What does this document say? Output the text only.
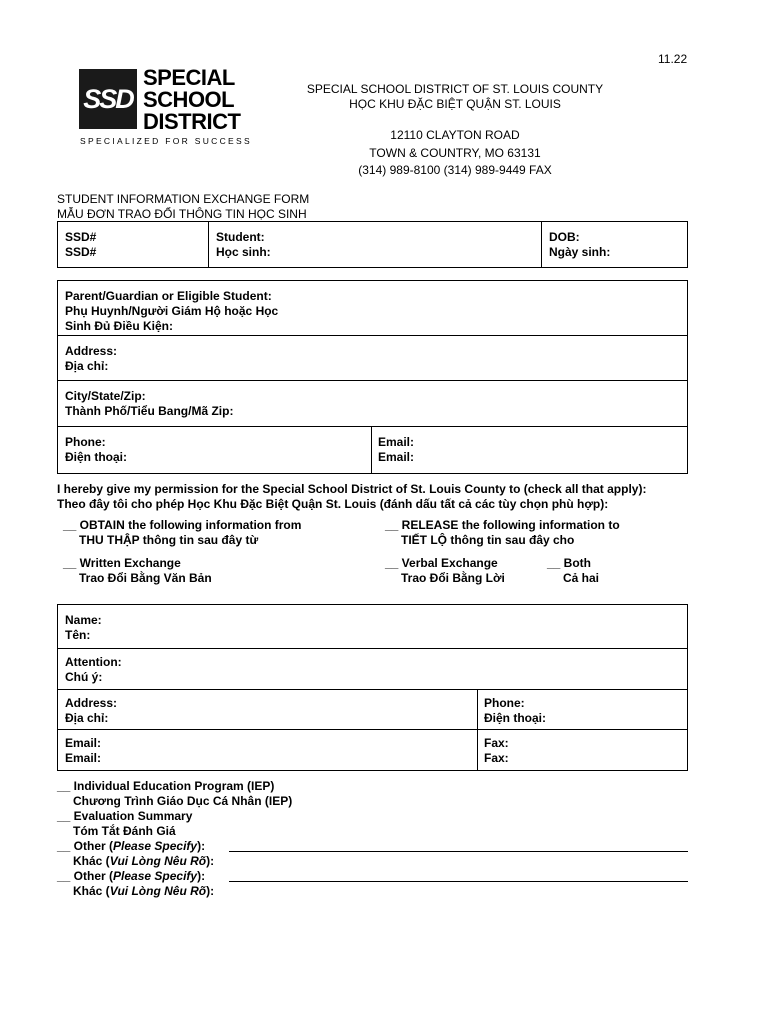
11.22
SSD
SPECIAL
SCHOOL
DISTRICT
SPECIALIZED FOR SUCCESS
SPECIAL SCHOOL DISTRICT OF ST. LOUIS COUNTY
HỌC KHU ĐẶC BIỆT QUẬN ST. LOUIS
12110 CLAYTON ROAD
TOWN & COUNTRY, MO 63131
(314) 989-8100 (314) 989-9449 FAX
STUDENT INFORMATION EXCHANGE FORM
MẪU ĐƠN TRAO ĐỔI THÔNG TIN HỌC SINH
SSD#
SSD#
Student:
Học sinh:
DOB:
Ngày sinh:
Parent/Guardian or Eligible Student:
Phụ Huynh/Người Giám Hộ hoặc Học
Sinh Đủ Điều Kiện:
Address:
Địa chỉ:
City/State/Zip:
Thành Phố/Tiểu Bang/Mã Zip:
Phone:
Điện thoại:
Email:
Email:
I hereby give my permission for the Special School District of St. Louis County to (check all that apply):
Theo đây tôi cho phép Học Khu Đặc Biệt Quận St. Louis (đánh dấu tất cả các tùy chọn phù hợp):
__ OBTAIN the following information from
THU THẬP thông tin sau đây từ
__ RELEASE the following information to
TIẾT LỘ thông tin sau đây cho
__ Written Exchange
Trao Đổi Bằng Văn Bản
__ Verbal Exchange
Trao Đổi Bằng Lời
__ Both
Cả hai
Name:
Tên:
Attention:
Chú ý:
Address:
Địa chỉ:
Phone:
Điện thoại:
Email:
Email:
Fax:
Fax:
__ Individual Education Program (IEP)
Chương Trình Giáo Dục Cá Nhân (IEP)
__ Evaluation Summary
Tóm Tắt Đánh Giá
__ Other (Please Specify):
Khác (Vui Lòng Nêu Rõ):
__ Other (Please Specify):
Khác (Vui Lòng Nêu Rõ):
